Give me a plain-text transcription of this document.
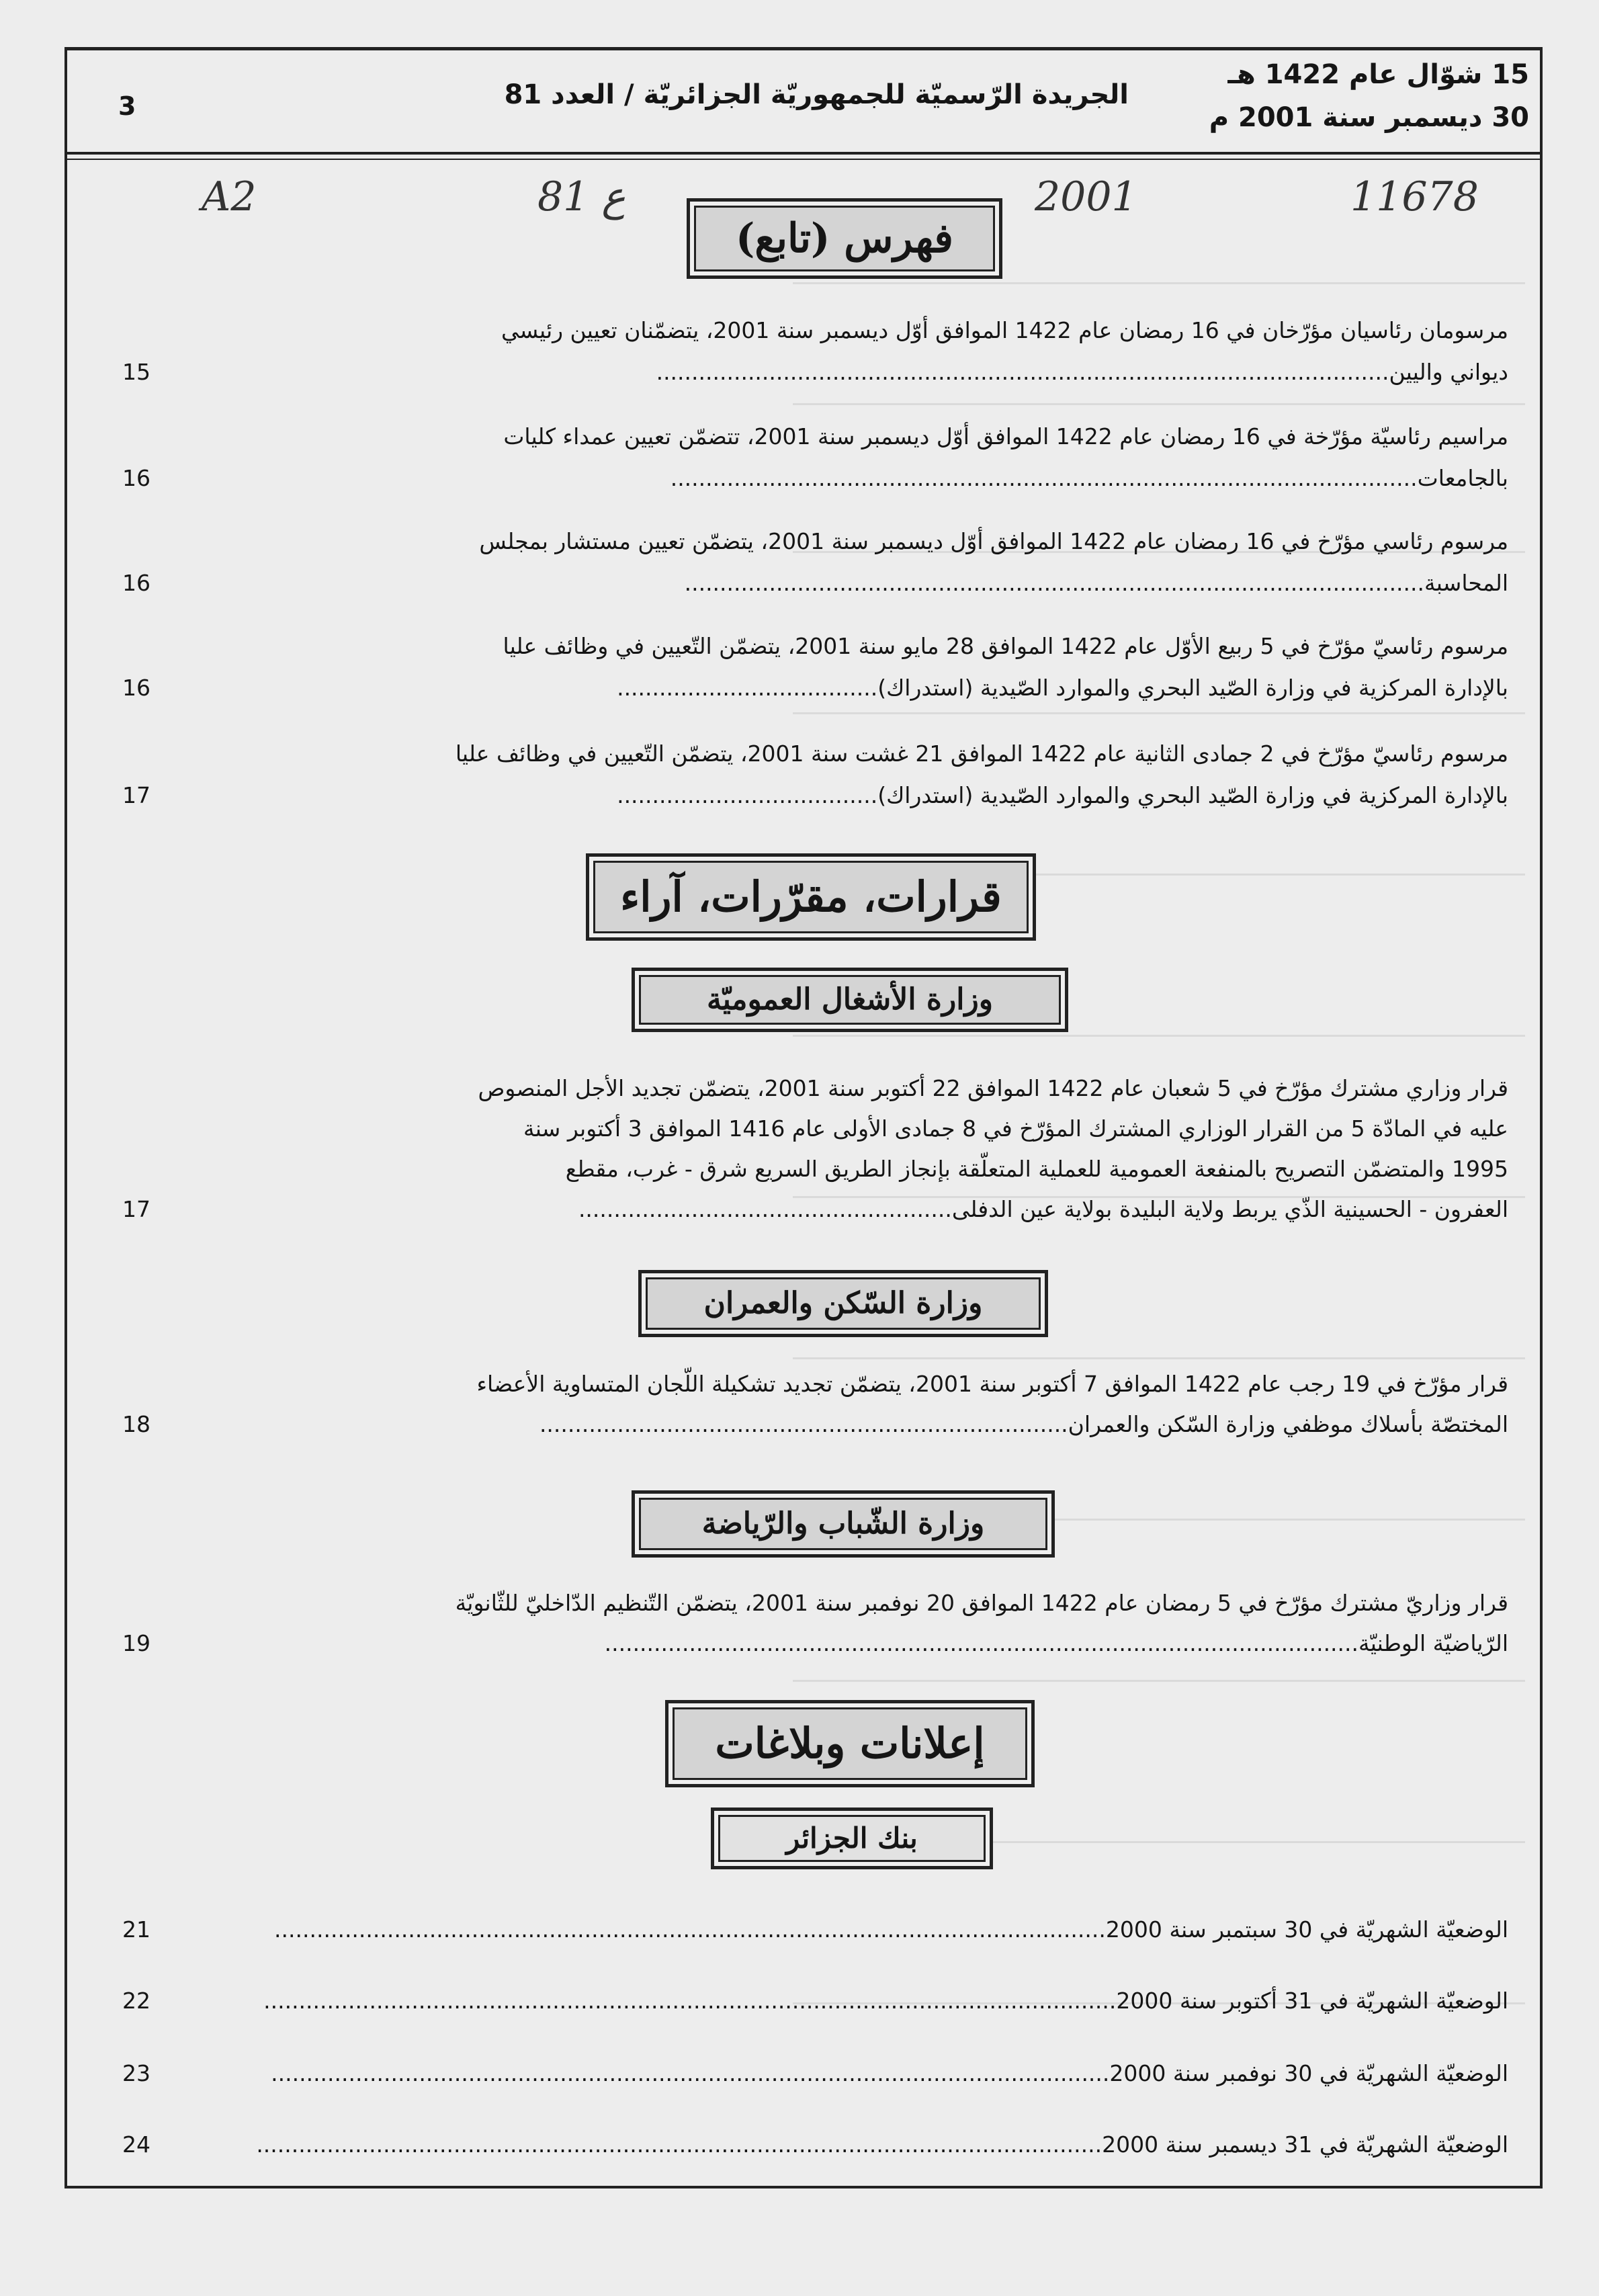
15 شوّال عام 1422 هـ
30 ديسمبر سنة 2001 م
الجريدة الرّسميّة للجمهوريّة الجزائريّة / العدد 81
3
A2	81 ع	2001	11678
فهرس (تابع)
قرارات، مقرّرات، آراء
وزارة الأشغال العموميّة
وزارة السّكن والعمران
وزارة الشّباب والرّياضة
إعلانات وبلاغات
بنك الجزائر
مرسومان رئاسيان مؤرّخان في 16 رمضان عام 1422 الموافق أوّل ديسمبر سنة 2001، يتضمّنان تعيين رئيسي
ديواني واليين........................................................................................................
15
مراسيم رئاسيّة مؤرّخة في 16 رمضان عام 1422 الموافق أوّل ديسمبر سنة 2001، تتضمّن تعيين عمداء كليات
بالجامعات..........................................................................................................
16
مرسوم رئاسي مؤرّخ في 16 رمضان عام 1422 الموافق أوّل ديسمبر سنة 2001، يتضمّن تعيين مستشار بمجلس
المحاسبة.........................................................................................................
16
مرسوم رئاسيّ مؤرّخ في 5 ربيع الأوّل عام 1422 الموافق 28 مايو سنة 2001، يتضمّن التّعيين في وظائف عليا
بالإدارة المركزية في وزارة الصّيد البحري والموارد الصّيدية (استدراك).....................................
16
مرسوم رئاسيّ مؤرّخ في 2 جمادى الثانية عام 1422 الموافق 21 غشت سنة 2001، يتضمّن التّعيين في وظائف عليا
بالإدارة المركزية في وزارة الصّيد البحري والموارد الصّيدية (استدراك).....................................
17
قرار وزاري مشترك مؤرّخ في 5 شعبان عام 1422 الموافق 22 أكتوبر سنة 2001، يتضمّن تجديد الأجل المنصوص
عليه في المادّة 5 من القرار الوزاري المشترك المؤرّخ في 8 جمادى الأولى عام 1416 الموافق 3 أكتوبر سنة
1995 والمتضمّن التصريح بالمنفعة العمومية للعملية المتعلّقة بإنجاز الطريق السريع شرق - غرب، مقطع
العفرون - الحسينية الذّي يربط ولاية البليدة بولاية عين الدفلى.....................................................
17
قرار مؤرّخ في 19 رجب عام 1422 الموافق 7 أكتوبر سنة 2001، يتضمّن تجديد تشكيلة اللّجان المتساوية الأعضاء
المختصّة بأسلاك موظفي وزارة السّكن والعمران...........................................................................
18
قرار وزاريّ مشترك مؤرّخ في 5 رمضان عام 1422 الموافق 20 نوفمبر سنة 2001، يتضمّن التّنظيم الدّاخليّ للثّانويّة
الرّياضيّة الوطنيّة...........................................................................................................
19
الوضعيّة الشهريّة في 30 سبتمبر سنة 2000......................................................................................................................
21
الوضعيّة الشهريّة في 31 أكتوبر سنة 2000.........................................................................................................................
22
الوضعيّة الشهريّة في 30 نوفمبر سنة 2000.......................................................................................................................
23
الوضعيّة الشهريّة في 31 ديسمبر سنة 2000........................................................................................................................
24
